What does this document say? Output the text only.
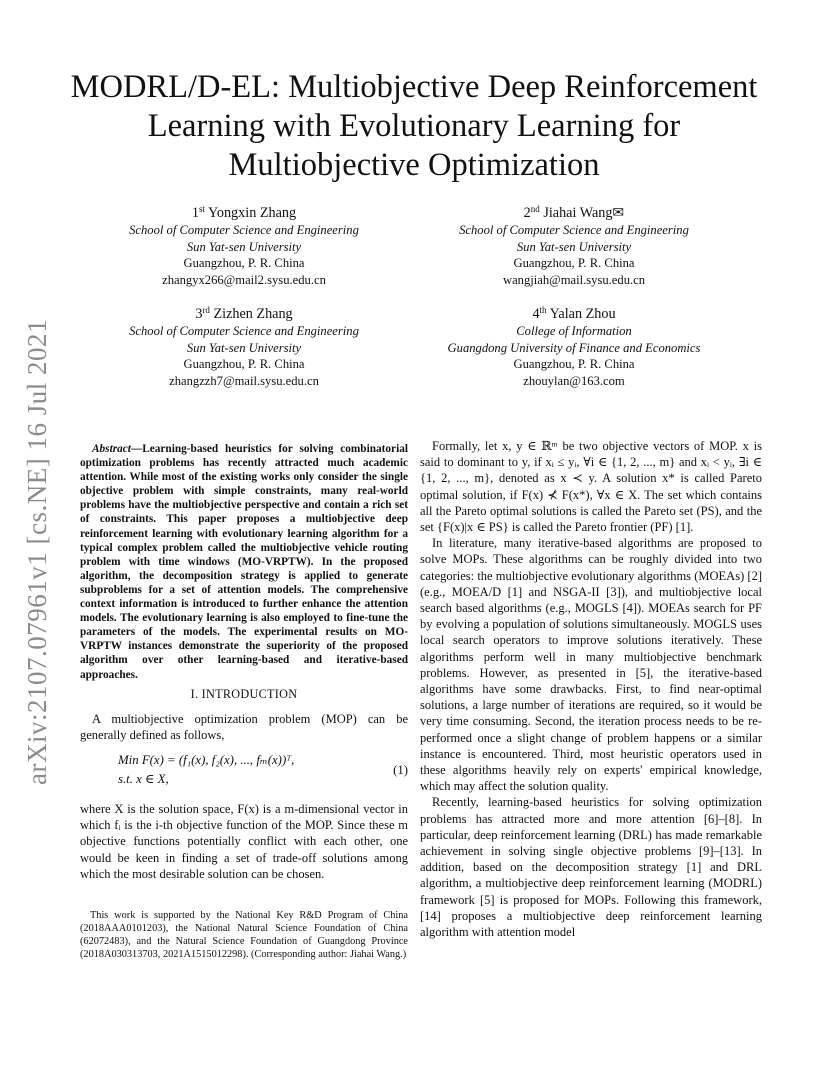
arXiv:2107.07961v1 [cs.NE] 16 Jul 2021
MODRL/D-EL: Multiobjective Deep Reinforcement Learning with Evolutionary Learning for Multiobjective Optimization
1st Yongxin Zhang
School of Computer Science and Engineering
Sun Yat-sen University
Guangzhou, P. R. China
zhangyx266@mail2.sysu.edu.cn
2nd Jiahai Wang✉
School of Computer Science and Engineering
Sun Yat-sen University
Guangzhou, P. R. China
wangjiah@mail.sysu.edu.cn
3rd Zizhen Zhang
School of Computer Science and Engineering
Sun Yat-sen University
Guangzhou, P. R. China
zhangzzh7@mail.sysu.edu.cn
4th Yalan Zhou
College of Information
Guangdong University of Finance and Economics
Guangzhou, P. R. China
zhouylan@163.com

Abstract—Learning-based heuristics for solving combinatorial optimization problems has recently attracted much academic attention. While most of the existing works only consider the single objective problem with simple constraints, many real-world problems have the multiobjective perspective and contain a rich set of constraints. This paper proposes a multiobjective deep reinforcement learning with evolutionary learning algorithm for a typical complex problem called the multiobjective vehicle routing problem with time windows (MO-VRPTW). In the proposed algorithm, the decomposition strategy is applied to generate subproblems for a set of attention models. The comprehensive context information is introduced to further enhance the attention models. The evolutionary learning is also employed to fine-tune the parameters of the models. The experimental results on MO-VRPTW instances demonstrate the superiority of the proposed algorithm over other learning-based and iterative-based approaches.

I. INTRODUCTION

A multiobjective optimization problem (MOP) can be generally defined as follows,

Min F(x) = (f₁(x), f₂(x), ..., fₘ(x))ᵀ,
s.t. x ∈ X,
(1)

where X is the solution space, F(x) is a m-dimensional vector in which fᵢ is the i-th objective function of the MOP. Since these m objective functions potentially conflict with each other, one would be keen in finding a set of trade-off solutions among which the most desirable solution can be chosen.

This work is supported by the National Key R&D Program of China (2018AAA0101203), the National Natural Science Foundation of China (62072483), and the Natural Science Foundation of Guangdong Province (2018A030313703, 2021A1515012298). (Corresponding author: Jiahai Wang.)

Formally, let x, y ∈ ℝᵐ be two objective vectors of MOP. x is said to dominant to y, if xᵢ ≤ yᵢ, ∀i ∈ {1, 2, ..., m} and xᵢ < yᵢ, ∃i ∈ {1, 2, ..., m}, denoted as x ≺ y. A solution x* is called Pareto optimal solution, if F(x) ⊀ F(x*), ∀x ∈ X. The set which contains all the Pareto optimal solutions is called the Pareto set (PS), and the set {F(x)|x ∈ PS} is called the Pareto frontier (PF) [1].

In literature, many iterative-based algorithms are proposed to solve MOPs. These algorithms can be roughly divided into two categories: the multiobjective evolutionary algorithms (MOEAs) [2] (e.g., MOEA/D [1] and NSGA-II [3]), and multiobjective local search based algorithms (e.g., MOGLS [4]). MOEAs search for PF by evolving a population of solutions simultaneously. MOGLS uses local search operators to improve solutions iteratively. These algorithms perform well in many multiobjective benchmark problems. However, as presented in [5], the iterative-based algorithms have some drawbacks. First, to find near-optimal solutions, a large number of iterations are required, so it would be very time consuming. Second, the iteration process needs to be re-performed once a slight change of problem happens or a similar instance is encountered. Third, most heuristic operators used in these algorithms heavily rely on experts' empirical knowledge, which may affect the solution quality.

Recently, learning-based heuristics for solving optimization problems has attracted more and more attention [6]–[8]. In particular, deep reinforcement learning (DRL) has made remarkable achievement in solving single objective problems [9]–[13]. In addition, based on the decomposition strategy [1] and DRL algorithm, a multiobjective deep reinforcement learning (MODRL) framework [5] is proposed for MOPs. Following this framework, [14] proposes a multiobjective deep reinforcement learning algorithm with attention model
